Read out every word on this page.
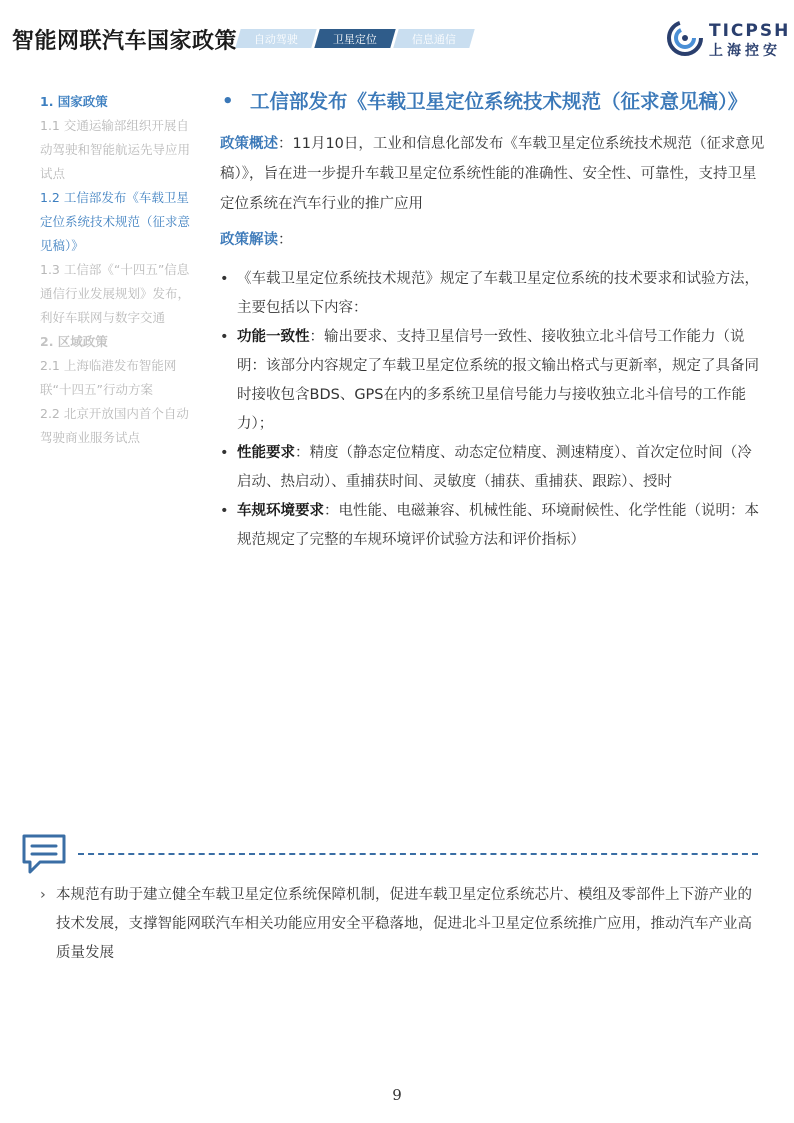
智能网联汽车国家政策 自动驾驶	卫星定位	信息通信	TICPSH
上海控安
1. 国家政策
1.1 交通运输部组织开展自动驾驶和智能航运先导应用试点
1.2 工信部发布《车载卫星定位系统技术规范（征求意见稿）》
1.3 工信部《“十四五”信息通信行业发展规划》发布，利好车联网与数字交通
2. 区域政策
2.1 上海临港发布智能网联“十四五”行动方案
2.2 北京开放国内首个自动驾驶商业服务试点
• 工信部发布《车载卫星定位系统技术规范（征求意见稿）》
政策概述：11月10日，工业和信息化部发布《车载卫星定位系统技术规范（征求意见稿）》，旨在进一步提升车载卫星定位系统性能的准确性、安全性、可靠性，支持卫星定位系统在汽车行业的推广应用
政策解读：
• 《车载卫星定位系统技术规范》规定了车载卫星定位系统的技术要求和试验方法，主要包括以下内容：
• 功能一致性：输出要求、支持卫星信号一致性、接收独立北斗信号工作能力（说明：该部分内容规定了车载卫星定位系统的报文输出格式与更新率，规定了具备同时接收包含BDS、GPS在内的多系统卫星信号能力与接收独立北斗信号的工作能力）；
• 性能要求：精度（静态定位精度、动态定位精度、测速精度）、首次定位时间（冷启动、热启动）、重捕获时间、灵敏度（捕获、重捕获、跟踪）、授时
• 车规环境要求：电性能、电磁兼容、机械性能、环境耐候性、化学性能（说明：本规范规定了完整的车规环境评价试验方法和评价指标）
› 本规范有助于建立健全车载卫星定位系统保障机制，促进车载卫星定位系统芯片、模组及零部件上下游产业的技术发展，支撑智能网联汽车相关功能应用安全平稳落地，促进北斗卫星定位系统推广应用，推动汽车产业高质量发展
9
